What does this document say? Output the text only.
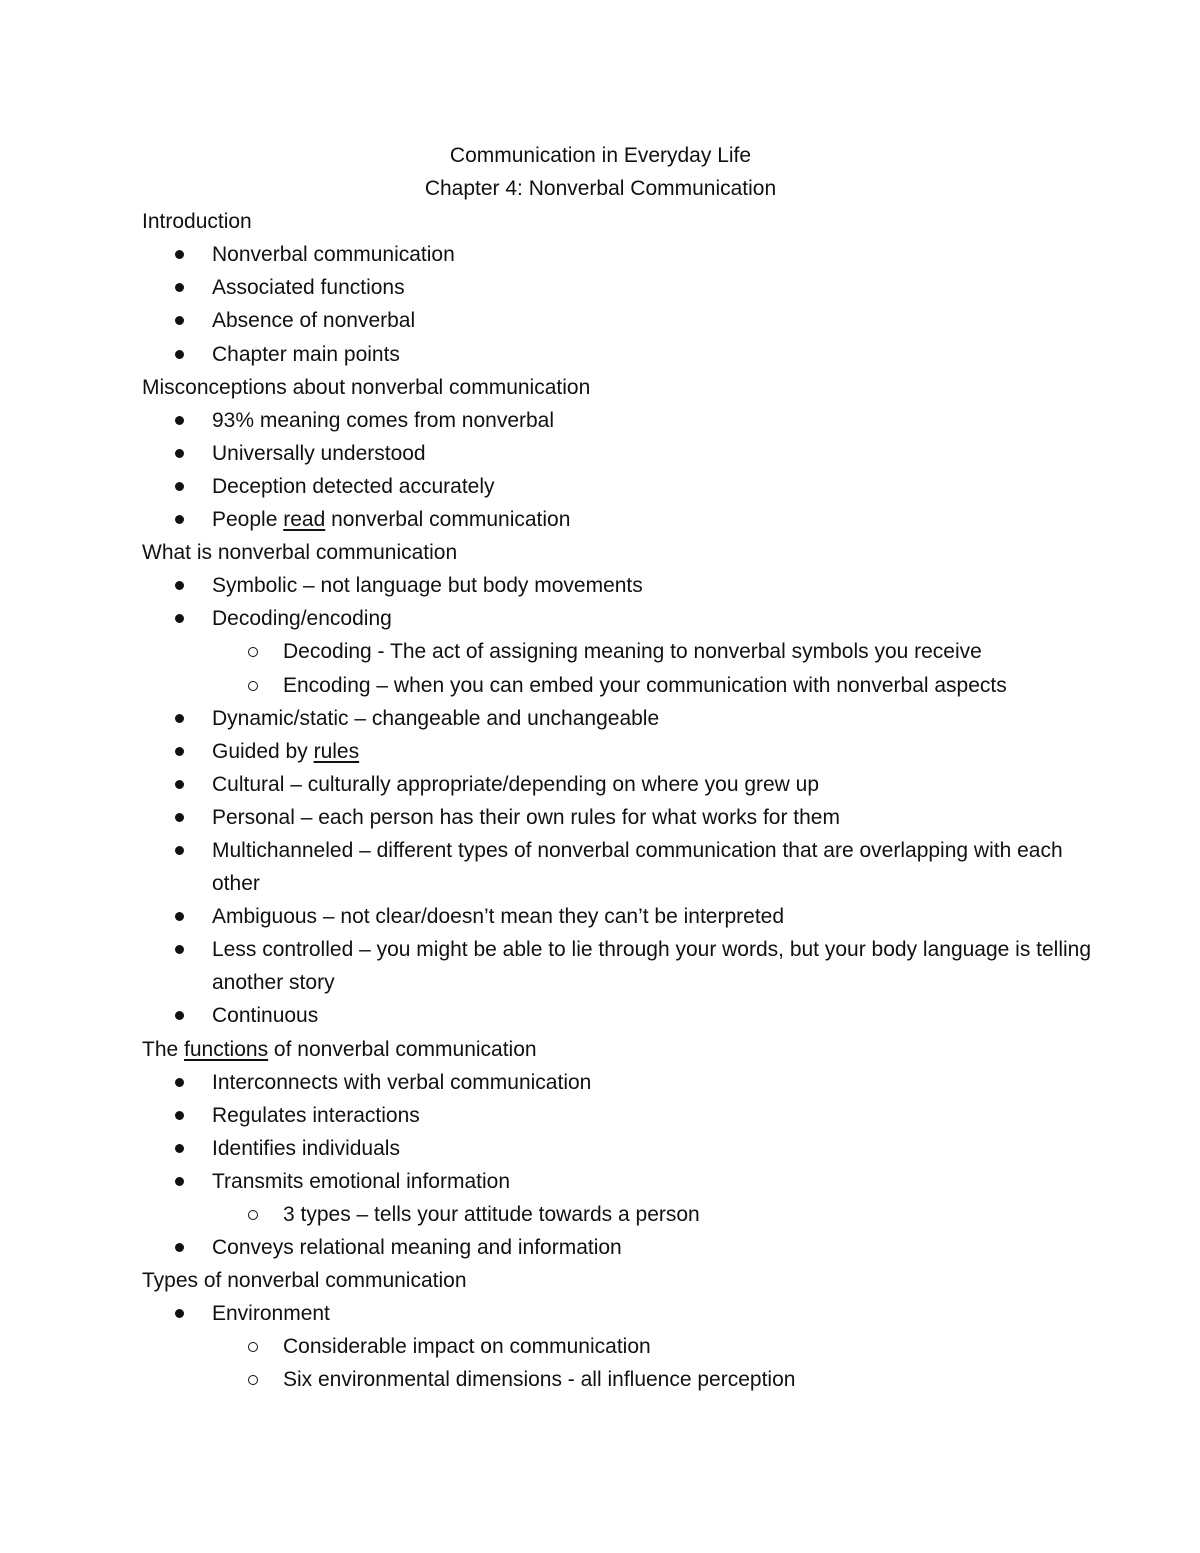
Communication in Everyday Life
Chapter 4: Nonverbal Communication
Introduction
Nonverbal communication
Associated functions
Absence of nonverbal
Chapter main points
Misconceptions about nonverbal communication
93% meaning comes from nonverbal
Universally understood
Deception detected accurately
People read nonverbal communication
What is nonverbal communication
Symbolic – not language but body movements
Decoding/encoding
Decoding - The act of assigning meaning to nonverbal symbols you receive
Encoding – when you can embed your communication with nonverbal aspects
Dynamic/static – changeable and unchangeable
Guided by rules
Cultural – culturally appropriate/depending on where you grew up
Personal – each person has their own rules for what works for them
Multichanneled – different types of nonverbal communication that are overlapping with each other
Ambiguous – not clear/doesn’t mean they can’t be interpreted
Less controlled – you might be able to lie through your words, but your body language is telling another story
Continuous
The functions of nonverbal communication
Interconnects with verbal communication
Regulates interactions
Identifies individuals
Transmits emotional information
3 types – tells your attitude towards a person
Conveys relational meaning and information
Types of nonverbal communication
Environment
Considerable impact on communication
Six environmental dimensions - all influence perception
